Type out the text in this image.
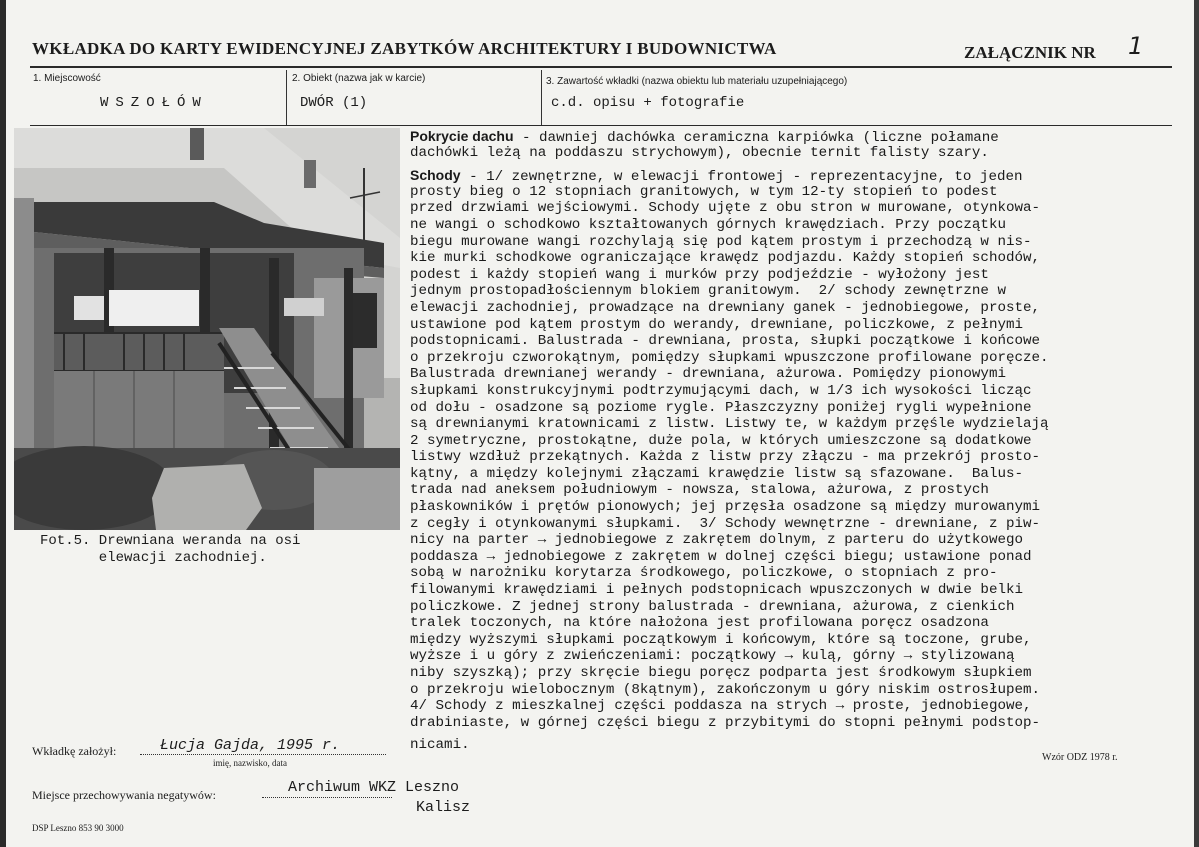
WKŁADKA DO KARTY EWIDENCYJNEJ ZABYTKÓW ARCHITEKTURY I BUDOWNICTWA	ZAŁĄCZNIK NR 1
1. Miejscowość
WSZOŁÓW
2. Obiekt (nazwa jak w karcie)
DWÓR (1)
3. Zawartość wkładki (nazwa obiektu lub materiału uzupełniającego)
c.d. opisu + fotografie
Fot.5. Drewniana weranda na osi
elewacji zachodniej.
Pokrycie dachu - dawniej dachówka ceramiczna karpiówka (liczne połamane
dachówki leżą na poddaszu strychowym), obecnie ternit falisty szary.
Schody - 1/ zewnętrzne, w elewacji frontowej - reprezentacyjne, to jeden
prosty bieg o 12 stopniach granitowych, w tym 12-ty stopień to podest
przed drzwiami wejściowymi. Schody ujęte z obu stron w murowane, otynkowa-
ne wangi o schodkowo kształtowanych górnych krawędziach. Przy początku
biegu murowane wangi rozchylają się pod kątem prostym i przechodzą w nis-
kie murki schodkowe ograniczające krawędz podjazdu. Każdy stopień schodów,
podest i każdy stopień wang i murków przy podjeździe - wyłożony jest
jednym prostopadłościennym blokiem granitowym.  2/ schody zewnętrzne w
elewacji zachodniej, prowadzące na drewniany ganek - jednobiegowe, proste,
ustawione pod kątem prostym do werandy, drewniane, policzkowe, z pełnymi
podstopnicami. Balustrada - drewniana, prosta, słupki początkowe i końcowe
o przekroju czworokątnym, pomiędzy słupkami wpuszczone profilowane poręcze.
Balustrada drewnianej werandy - drewniana, ażurowa. Pomiędzy pionowymi
słupkami konstrukcyjnymi podtrzymującymi dach, w 1/3 ich wysokości licząc
od dołu - osadzone są poziome rygle. Płaszczyzny poniżej rygli wypełnione
są drewnianymi kratownicami z listw. Listwy te, w każdym przęśle wydzielają
2 symetryczne, prostokątne, duże pola, w których umieszczone są dodatkowe
listwy wzdłuż przekątnych. Każda z listw przy złączu - ma przekrój prosto-
kątny, a między kolejnymi złączami krawędzie listw są sfazowane.  Balus-
trada nad aneksem południowym - nowsza, stalowa, ażurowa, z prostych
płaskowników i prętów pionowych; jej przęsła osadzone są między murowanymi
z cegły i otynkowanymi słupkami.  3/ Schody wewnętrzne - drewniane, z piw-
nicy na parter → jednobiegowe z zakrętem dolnym, z parteru do użytkowego
poddasza → jednobiegowe z zakrętem w dolnej części biegu; ustawione ponad
sobą w narożniku korytarza środkowego, policzkowe, o stopniach z pro-
filowanymi krawędziami i pełnych podstopnicach wpuszczonych w dwie belki
policzkowe. Z jednej strony balustrada - drewniana, ażurowa, z cienkich
tralek toczonych, na które nałożona jest profilowana poręcz osadzona
między wyższymi słupkami początkowym i końcowym, które są toczone, grube,
wyższe i u góry z zwieńczeniami: początkowy → kulą, górny → stylizowaną
niby szyszką); przy skręcie biegu poręcz podparta jest środkowym słupkiem
o przekroju wielobocznym (8kątnym), zakończonym u góry niskim ostrosłupem.
4/ Schody z mieszkalnej części poddasza na strych → proste, jednobiegowe,
drabiniaste, w górnej części biegu z przybitymi do stopni pełnymi podstop-
nicami.
Wkładkę założył:	Łucja Gajda, 1995 r.
imię, nazwisko, data
Miejsce przechowywania negatywów:	Archiwum WKZ Leszno
Kalisz
DSP Leszno 853 90 3000
Wzór ODZ 1978 r.
